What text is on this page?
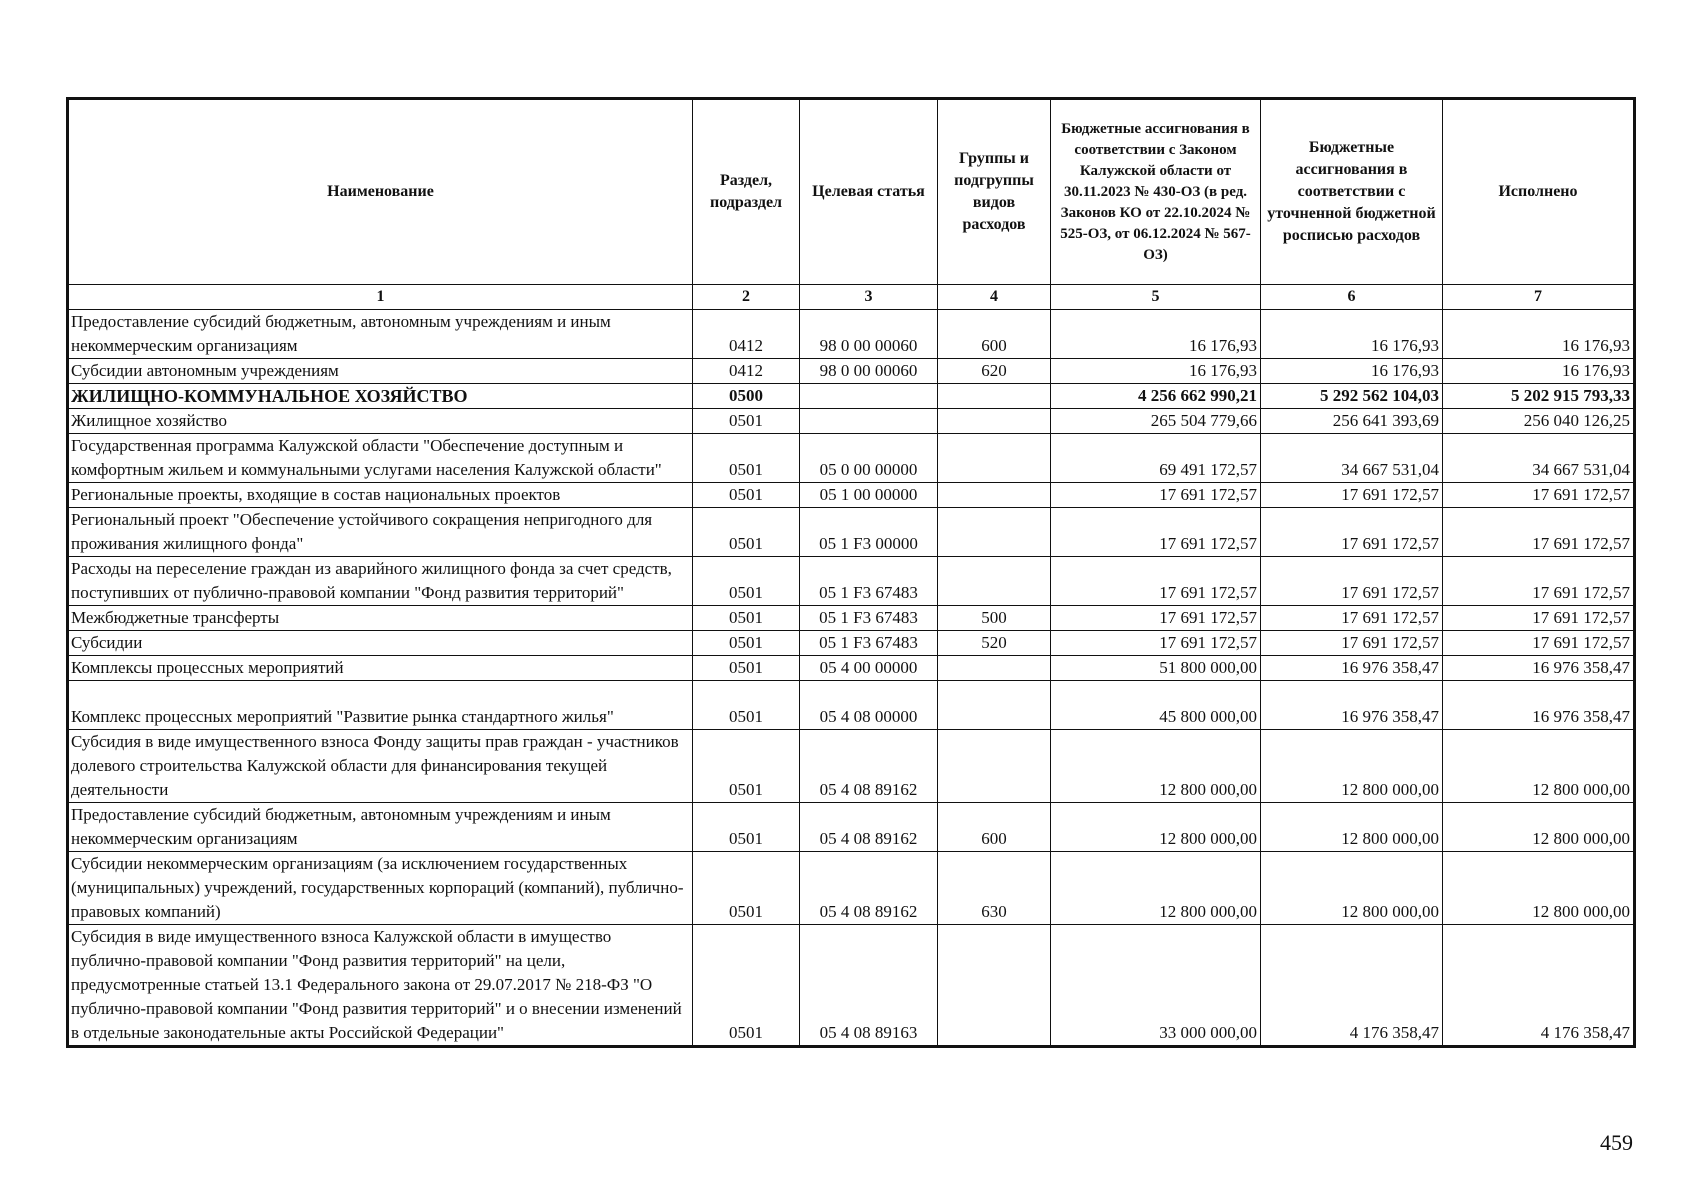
Наименование	Раздел, подраздел	Целевая статья	Группы и подгруппы видов расходов	Бюджетные ассигнования в соответствии с Законом Калужской области от 30.11.2023 № 430-ОЗ (в ред. Законов КО от 22.10.2024 № 525-ОЗ, от 06.12.2024 № 567-ОЗ)	Бюджетные ассигнования в соответствии с уточненной бюджетной росписью расходов	Исполнено
1	2	3	4	5	6	7
Предоставление субсидий бюджетным, автономным учреждениям и иным некоммерческим организациям	0412	98 0 00 00060	600	16 176,93	16 176,93	16 176,93
Субсидии автономным учреждениям	0412	98 0 00 00060	620	16 176,93	16 176,93	16 176,93
ЖИЛИЩНО-КОММУНАЛЬНОЕ ХОЗЯЙСТВО	0500			4 256 662 990,21	5 292 562 104,03	5 202 915 793,33
Жилищное хозяйство	0501			265 504 779,66	256 641 393,69	256 040 126,25
Государственная программа Калужской области "Обеспечение доступным и комфортным жильем и коммунальными услугами населения Калужской области"	0501	05 0 00 00000		69 491 172,57	34 667 531,04	34 667 531,04
Региональные проекты, входящие в состав национальных проектов	0501	05 1 00 00000		17 691 172,57	17 691 172,57	17 691 172,57
Региональный проект "Обеспечение устойчивого сокращения непригодного для проживания жилищного фонда"	0501	05 1 F3 00000		17 691 172,57	17 691 172,57	17 691 172,57
Расходы на переселение граждан из аварийного жилищного фонда за счет средств, поступивших от публично-правовой компании "Фонд развития территорий"	0501	05 1 F3 67483		17 691 172,57	17 691 172,57	17 691 172,57
Межбюджетные трансферты	0501	05 1 F3 67483	500	17 691 172,57	17 691 172,57	17 691 172,57
Субсидии	0501	05 1 F3 67483	520	17 691 172,57	17 691 172,57	17 691 172,57
Комплексы процессных мероприятий	0501	05 4 00 00000		51 800 000,00	16 976 358,47	16 976 358,47
Комплекс процессных мероприятий "Развитие рынка стандартного жилья"	0501	05 4 08 00000		45 800 000,00	16 976 358,47	16 976 358,47
Субсидия в виде имущественного взноса Фонду защиты прав граждан - участников долевого строительства Калужской области для финансирования текущей деятельности	0501	05 4 08 89162		12 800 000,00	12 800 000,00	12 800 000,00
Предоставление субсидий бюджетным, автономным учреждениям и иным некоммерческим организациям	0501	05 4 08 89162	600	12 800 000,00	12 800 000,00	12 800 000,00
Субсидии некоммерческим организациям (за исключением государственных (муниципальных) учреждений, государственных корпораций (компаний), публично-правовых компаний)	0501	05 4 08 89162	630	12 800 000,00	12 800 000,00	12 800 000,00
Субсидия в виде имущественного взноса Калужской области в имущество публично-правовой компании "Фонд развития территорий" на цели, предусмотренные статьей 13.1 Федерального закона от 29.07.2017 № 218-ФЗ "О публично-правовой компании "Фонд развития территорий" и о внесении изменений в отдельные законодательные акты Российской Федерации"	0501	05 4 08 89163		33 000 000,00	4 176 358,47	4 176 358,47
459
